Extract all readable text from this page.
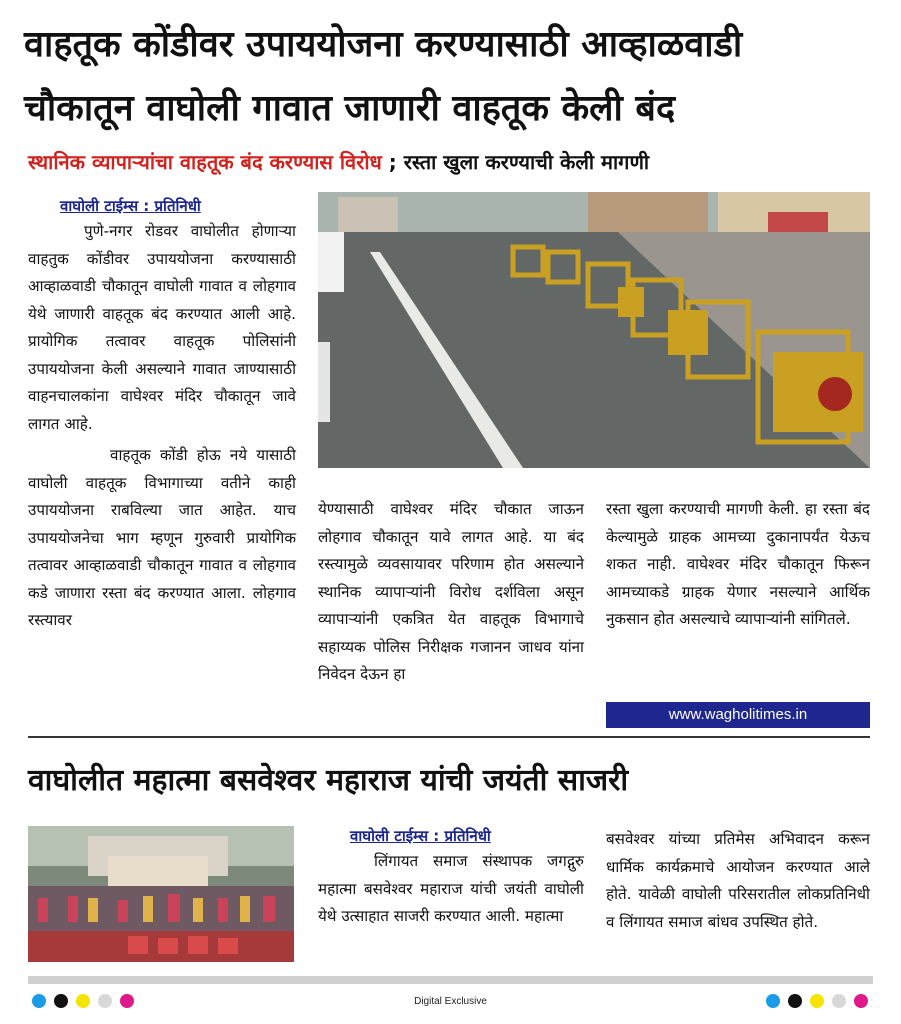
वाहतूक कोंडीवर उपाययोजना करण्यासाठी आव्हाळवाडी
चौकातून वाघोली गावात जाणारी वाहतूक केली बंद
स्थानिक व्यापाऱ्यांचा वाहतूक बंद करण्यास विरोध ; रस्ता खुला करण्याची केली मागणी
वाघोली टाईम्स : प्रतिनिधी
पुणे-नगर रोडवर वाघोलीत होणाऱ्या वाहतुक कोंडीवर उपाययोजना करण्यासाठी आव्हाळवाडी चौकातून वाघोली गावात व लोहगाव येथे जाणारी वाहतूक बंद करण्यात आली आहे. प्रायोगिक तत्वावर वाहतूक पोलिसांनी उपाययोजना केली असल्याने गावात जाण्यासाठी वाहनचालकांना वाघेश्वर मंदिर चौकातून जावे लागत आहे.
वाहतूक कोंडी होऊ नये यासाठी वाघोली वाहतूक विभागाच्या वतीने काही उपाययोजना राबविल्या जात आहेत. याच उपाययोजनेचा भाग म्हणून गुरुवारी प्रायोगिक तत्वावर आव्हाळवाडी चौकातून गावात व लोहगाव कडे जाणारा रस्ता बंद करण्यात आला. लोहगाव रस्त्यावर
येण्यासाठी वाघेश्वर मंदिर चौकात जाऊन लोहगाव चौकातून यावे लागत आहे. या बंद रस्त्यामुळे व्यवसायावर परिणाम होत असल्याने स्थानिक व्यापाऱ्यांनी विरोध दर्शविला असून व्यापाऱ्यांनी एकत्रित येत वाहतूक विभागाचे सहाय्यक पोलिस निरीक्षक गजानन जाधव यांना निवेदन देऊन हा
रस्ता खुला करण्याची मागणी केली. हा रस्ता बंद केल्यामुळे ग्राहक आमच्या दुकानापर्यंत येऊच शकत नाही. वाघेश्वर मंदिर चौकातून फिरून आमच्याकडे ग्राहक येणार नसल्याने आर्थिक नुकसान होत असल्याचे व्यापाऱ्यांनी सांगितले.
www.wagholitimes.in
वाघोलीत महात्मा बसवेश्वर महाराज यांची जयंती साजरी
वाघोली टाईम्स : प्रतिनिधी
लिंगायत समाज संस्थापक जगद्गुरु महात्मा बसवेश्वर महाराज यांची जयंती वाघोली येथे उत्साहात साजरी करण्यात आली. महात्मा
बसवेश्वर यांच्या प्रतिमेस अभिवादन करून धार्मिक कार्यक्रमाचे आयोजन करण्यात आले होते. यावेळी वाघोली परिसरातील लोकप्रतिनिधी व लिंगायत समाज बांधव उपस्थित होते.
Digital Exclusive
